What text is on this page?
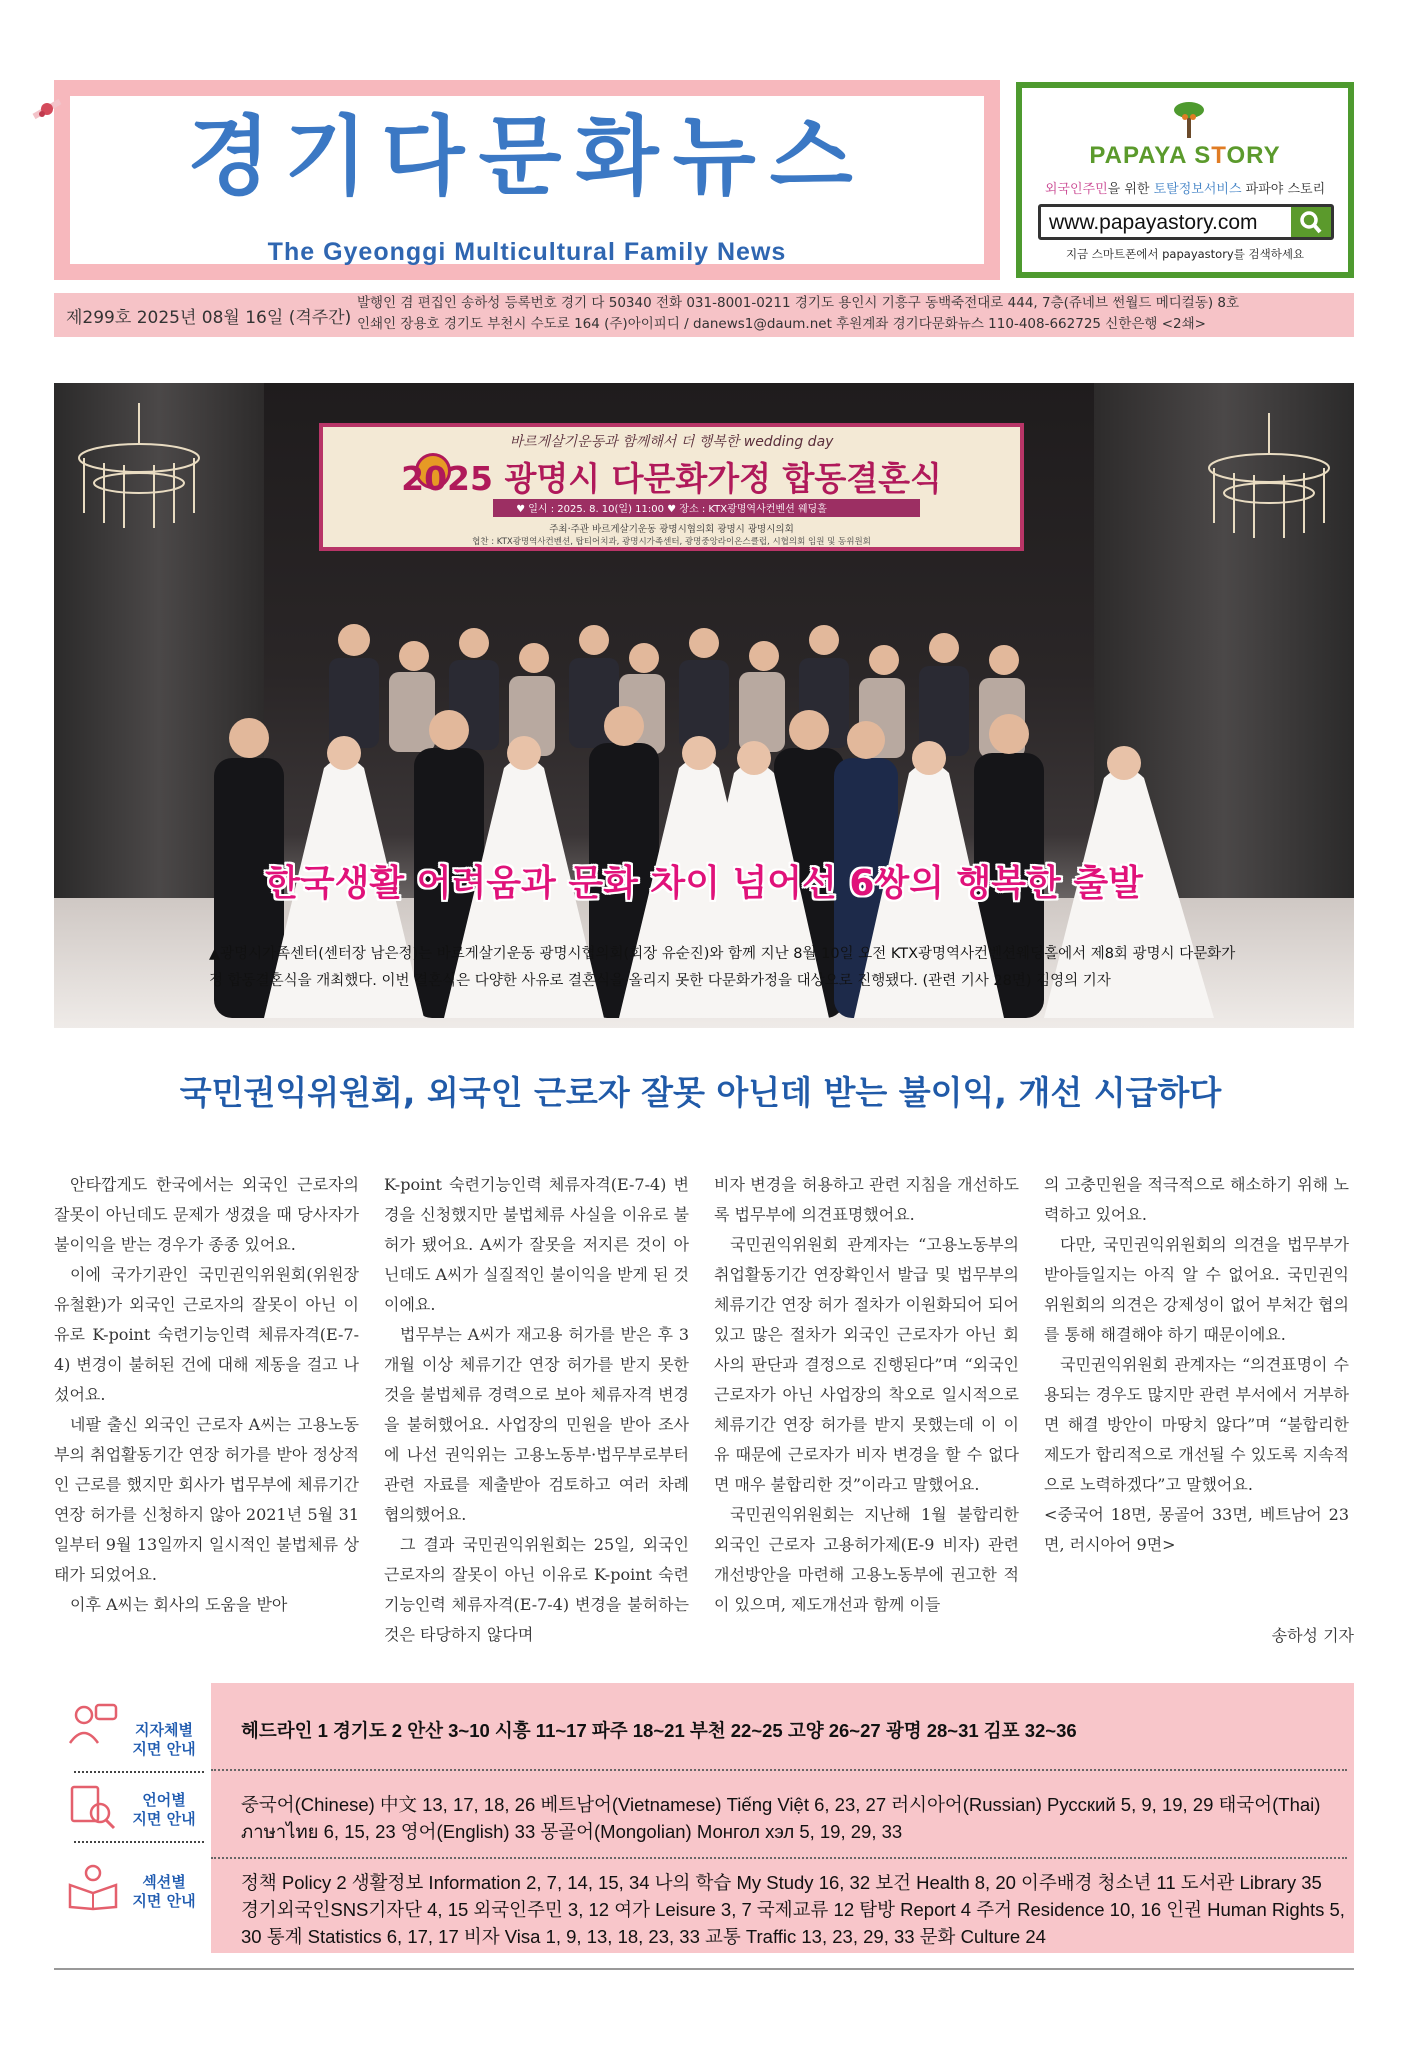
경기다문화뉴스
The Gyeonggi Multicultural Family News
PAPAYA STORY
외국인주민을 위한 토탈정보서비스 파파야 스토리
www.papayastory.com
지금 스마트폰에서 papayastory를 검색하세요
제299호 2025년 08월 16일 (격주간)
발행인 겸 편집인 송하성 등록번호 경기 다 50340 전화 031-8001-0211 경기도 용인시 기흥구 동백죽전대로 444, 7층(쥬네브 썬월드 메디컬동) 8호
인쇄인 장용호 경기도 부천시 수도로 164 (주)아이피디 / danews1@daum.net 후원계좌 경기다문화뉴스 110-408-662725 신한은행 <2쇄>
바르게살기운동과 함께해서 더 행복한 wedding day
2025 광명시 다문화가정 합동결혼식
♥ 일시 : 2025. 8. 10(일) 11:00 ♥ 장소 : KTX광명역사컨벤션 웨딩홀
주최·주관 바르게살기운동 광명시협의회 광명시 광명시의회
협찬 : KTX광명역사컨벤션, 탑티어치과, 광명시가족센터, 광명중앙라이온스클럽, 시협의회 임원 및 동위원회
한국생활 어려움과 문화 차이 넘어선 6쌍의 행복한 출발
▲광명시가족센터(센터장 남은정)는 바르게살기운동 광명시협의회(회장 유순진)와 함께 지난 8월 10일 오전 KTX광명역사컨벤션웨딩홀에서 제8회 광명시 다문화가정 합동결혼식을 개최했다. 이번 결혼식은 다양한 사유로 결혼식을 올리지 못한 다문화가정을 대상으로 진행됐다. (관련 기사 28면) 김영의 기자
국민권익위원회, 외국인 근로자 잘못 아닌데 받는 불이익, 개선 시급하다

안타깝게도 한국에서는 외국인 근로자의 잘못이 아닌데도 문제가 생겼을 때 당사자가 불이익을 받는 경우가 종종 있어요.

이에 국가기관인 국민권익위원회(위원장 유철환)가 외국인 근로자의 잘못이 아닌 이유로 K-point 숙련기능인력 체류자격(E-7-4) 변경이 불허된 건에 대해 제동을 걸고 나섰어요.

네팔 출신 외국인 근로자 A씨는 고용노동부의 취업활동기간 연장 허가를 받아 정상적인 근로를 했지만 회사가 법무부에 체류기간 연장 허가를 신청하지 않아 2021년 5월 31일부터 9월 13일까지 일시적인 불법체류 상태가 되었어요.

이후 A씨는 회사의 도움을 받아

K-point 숙련기능인력 체류자격(E-7-4) 변경을 신청했지만 불법체류 사실을 이유로 불허가 됐어요. A씨가 잘못을 저지른 것이 아닌데도 A씨가 실질적인 불이익을 받게 된 것이에요.

법무부는 A씨가 재고용 허가를 받은 후 3개월 이상 체류기간 연장 허가를 받지 못한 것을 불법체류 경력으로 보아 체류자격 변경을 불허했어요. 사업장의 민원을 받아 조사에 나선 권익위는 고용노동부·법무부로부터 관련 자료를 제출받아 검토하고 여러 차례 협의했어요.

그 결과 국민권익위원회는 25일, 외국인 근로자의 잘못이 아닌 이유로 K-point 숙련기능인력 체류자격(E-7-4) 변경을 불허하는 것은 타당하지 않다며

비자 변경을 허용하고 관련 지침을 개선하도록 법무부에 의견표명했어요.

국민권익위원회 관계자는 “고용노동부의 취업활동기간 연장확인서 발급 및 법무부의 체류기간 연장 허가 절차가 이원화되어 되어 있고 많은 절차가 외국인 근로자가 아닌 회사의 판단과 결정으로 진행된다”며 “외국인 근로자가 아닌 사업장의 착오로 일시적으로 체류기간 연장 허가를 받지 못했는데 이 이유 때문에 근로자가 비자 변경을 할 수 없다면 매우 불합리한 것”이라고 말했어요.

국민권익위원회는 지난해 1월 불합리한 외국인 근로자 고용허가제(E-9 비자) 관련 개선방안을 마련해 고용노동부에 권고한 적이 있으며, 제도개선과 함께 이들

의 고충민원을 적극적으로 해소하기 위해 노력하고 있어요.

다만, 국민권익위원회의 의견을 법무부가 받아들일지는 아직 알 수 없어요. 국민권익위원회의 의견은 강제성이 없어 부처간 협의를 통해 해결해야 하기 때문이에요.

국민권익위원회 관계자는 “의견표명이 수용되는 경우도 많지만 관련 부서에서 거부하면 해결 방안이 마땅치 않다”며 “불합리한 제도가 합리적으로 개선될 수 있도록 지속적으로 노력하겠다”고 말했어요.

<중국어 18면, 몽골어 33면, 베트남어 23면, 러시아어 9면>

송하성 기자
지자체별
지면 안내
언어별
지면 안내
섹션별
지면 안내
헤드라인 1 경기도 2 안산 3~10 시흥 11~17 파주 18~21 부천 22~25 고양 26~27 광명 28~31 김포 32~36
중국어(Chinese) 中文 13, 17, 18, 26 베트남어(Vietnamese) Tiếng Việt 6, 23, 27 러시아어(Russian) Русский 5, 9, 19, 29 태국어(Thai)
ภาษาไทย 6, 15, 23 영어(English) 33 몽골어(Mongolian) Монгол хэл 5, 19, 29, 33
정책 Policy 2 생활정보 Information 2, 7, 14, 15, 34 나의 학습 My Study 16, 32 보건 Health 8, 20 이주배경 청소년 11 도서관 Library 35
경기외국인SNS기자단 4, 15 외국인주민 3, 12 여가 Leisure 3, 7 국제교류 12 탐방 Report 4 주거 Residence 10, 16 인권 Human Rights 5,
30 통계 Statistics 6, 17, 17 비자 Visa 1, 9, 13, 18, 23, 33 교통 Traffic 13, 23, 29, 33 문화 Culture 24
